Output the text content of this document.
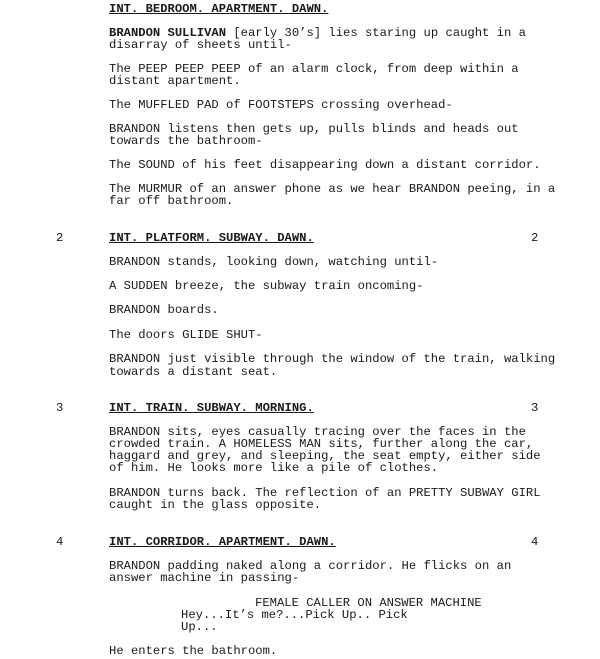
INT. BEDROOM. APARTMENT. DAWN.
BRANDON SULLIVAN [early 30’s] lies staring up caught in a
disarray of sheets until-
The PEEP PEEP PEEP of an alarm clock, from deep within a
distant apartment.
The MUFFLED PAD of FOOTSTEPS crossing overhead-
BRANDON listens then gets up, pulls blinds and heads out
towards the bathroom-
The SOUND of his feet disappearing down a distant corridor.
The MURMUR of an answer phone as we hear BRANDON peeing, in a
far off bathroom.
2	INT. PLATFORM. SUBWAY. DAWN.	2
BRANDON stands, looking down, watching until-
A SUDDEN breeze, the subway train oncoming-
BRANDON boards.
The doors GLIDE SHUT-
BRANDON just visible through the window of the train, walking
towards a distant seat.
3	INT. TRAIN. SUBWAY. MORNING.	3
BRANDON sits, eyes casually tracing over the faces in the
crowded train. A HOMELESS MAN sits, further along the car,
haggard and grey, and sleeping, the seat empty, either side
of him. He looks more like a pile of clothes.
BRANDON turns back. The reflection of an PRETTY SUBWAY GIRL
caught in the glass opposite.
4	INT. CORRIDOR. APARTMENT. DAWN.	4
BRANDON padding naked along a corridor. He flicks on an
answer machine in passing-
FEMALE CALLER ON ANSWER MACHINE
Hey...It’s me?...Pick Up.. Pick
Up...
He enters the bathroom.
